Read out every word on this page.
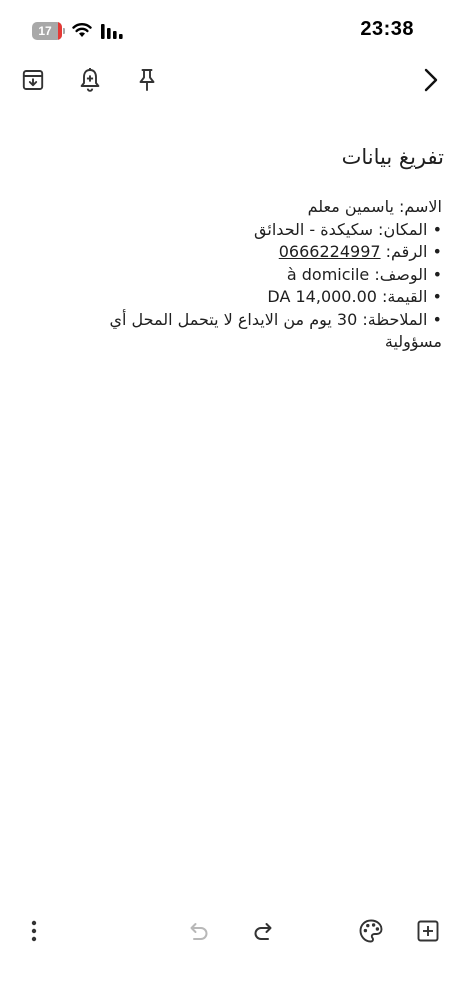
17	23:38
تفريغ بيانات
الاسم: ياسمين معلم
• المكان: سكيكدة - الحدائق
• الرقم: 0666224997
• الوصف: à domicile
• القيمة: DA 14,000.00
• الملاحظة: 30 يوم من الايداع لا يتحمل المحل أي مسؤولية
